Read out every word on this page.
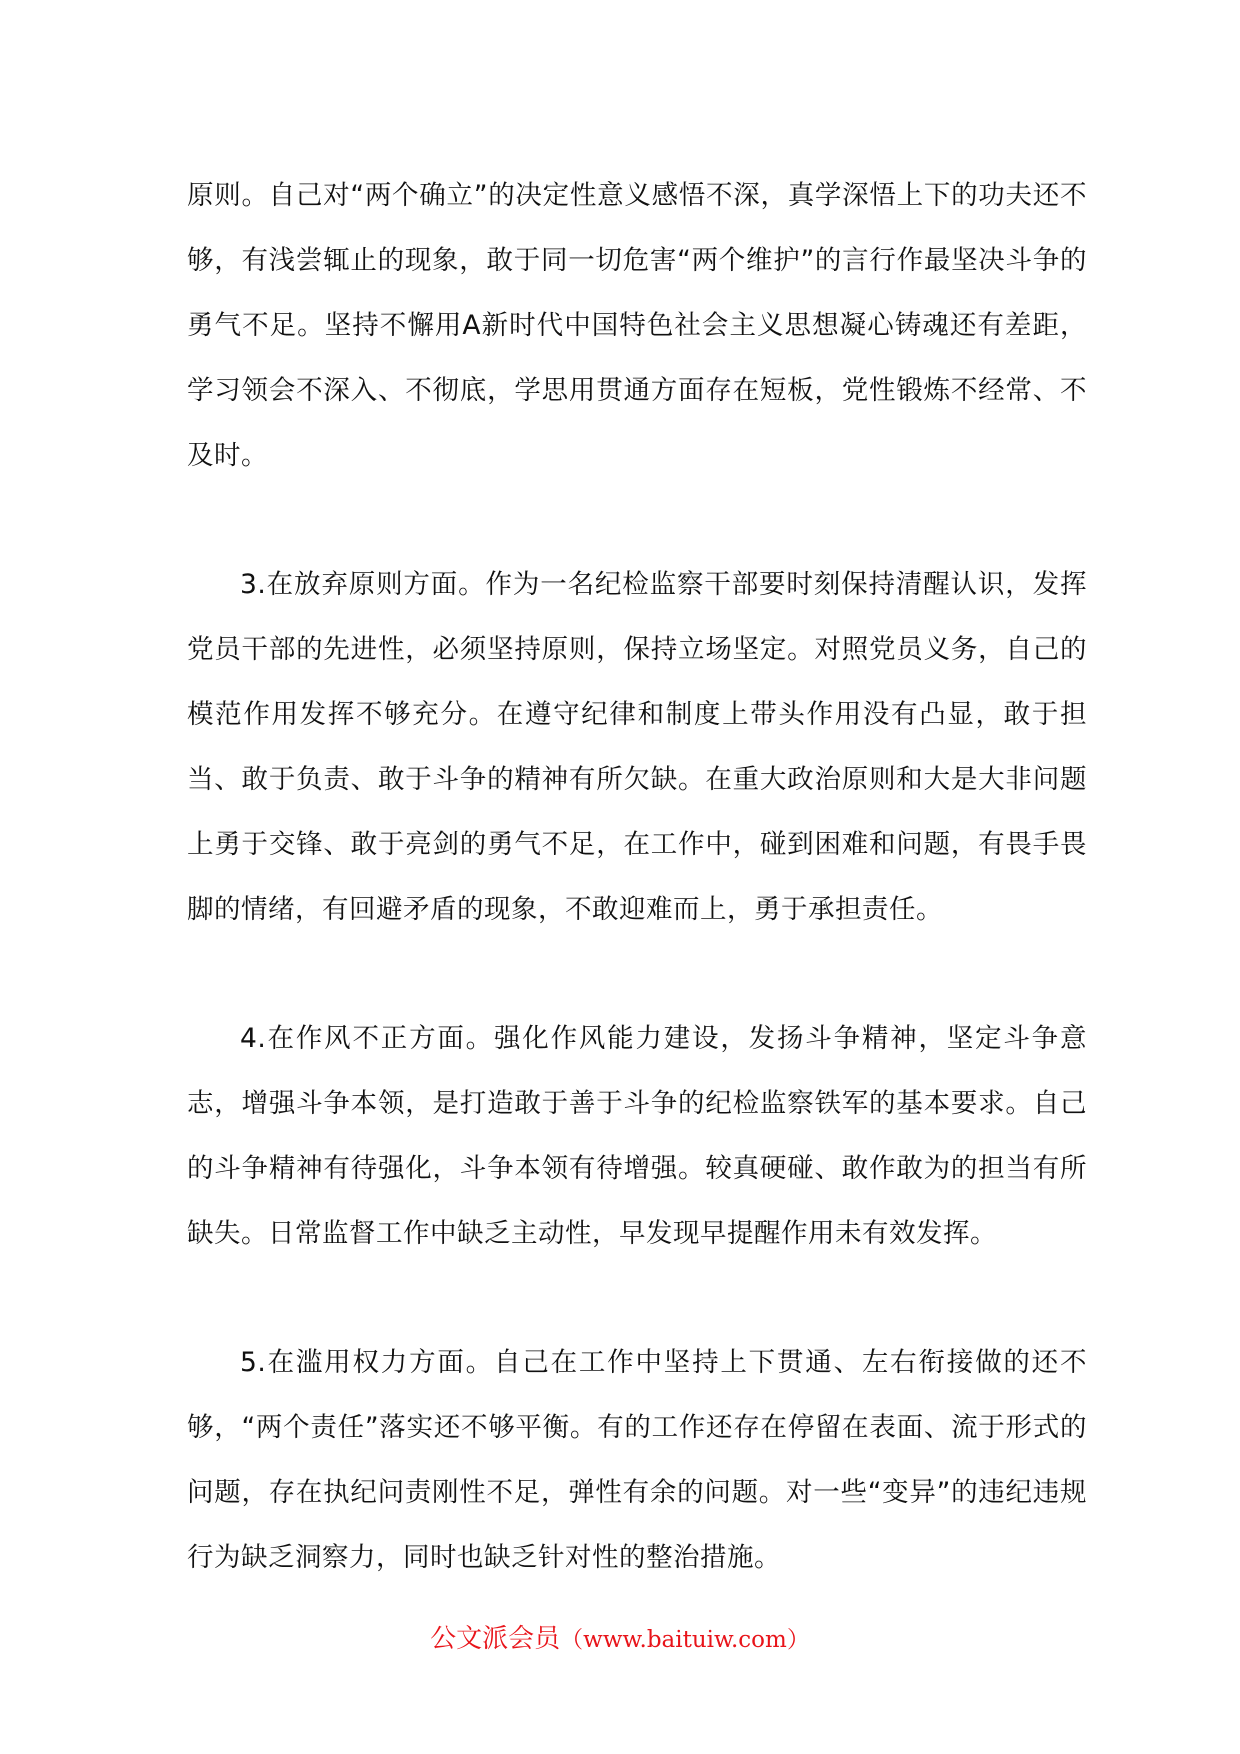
原则。自己对“两个确立”的决定性意义感悟不深，真学深悟上下的功夫还不够，有浅尝辄止的现象，敢于同一切危害“两个维护”的言行作最坚决斗争的勇气不足。坚持不懈用A新时代中国特色社会主义思想凝心铸魂还有差距，学习领会不深入、不彻底，学思用贯通方面存在短板，党性锻炼不经常、不及时。

3.在放弃原则方面。作为一名纪检监察干部要时刻保持清醒认识，发挥党员干部的先进性，必须坚持原则，保持立场坚定。对照党员义务，自己的模范作用发挥不够充分。在遵守纪律和制度上带头作用没有凸显，敢于担当、敢于负责、敢于斗争的精神有所欠缺。在重大政治原则和大是大非问题上勇于交锋、敢于亮剑的勇气不足，在工作中，碰到困难和问题，有畏手畏脚的情绪，有回避矛盾的现象，不敢迎难而上，勇于承担责任。

4.在作风不正方面。强化作风能力建设，发扬斗争精神，坚定斗争意志，增强斗争本领，是打造敢于善于斗争的纪检监察铁军的基本要求。自己的斗争精神有待强化，斗争本领有待增强。较真硬碰、敢作敢为的担当有所缺失。日常监督工作中缺乏主动性，早发现早提醒作用未有效发挥。

5.在滥用权力方面。自己在工作中坚持上下贯通、左右衔接做的还不够，“两个责任”落实还不够平衡。有的工作还存在停留在表面、流于形式的问题，存在执纪问责刚性不足，弹性有余的问题。对一些“变异”的违纪违规行为缺乏洞察力，同时也缺乏针对性的整治措施。

公文派会员（www.baituiw.com）
